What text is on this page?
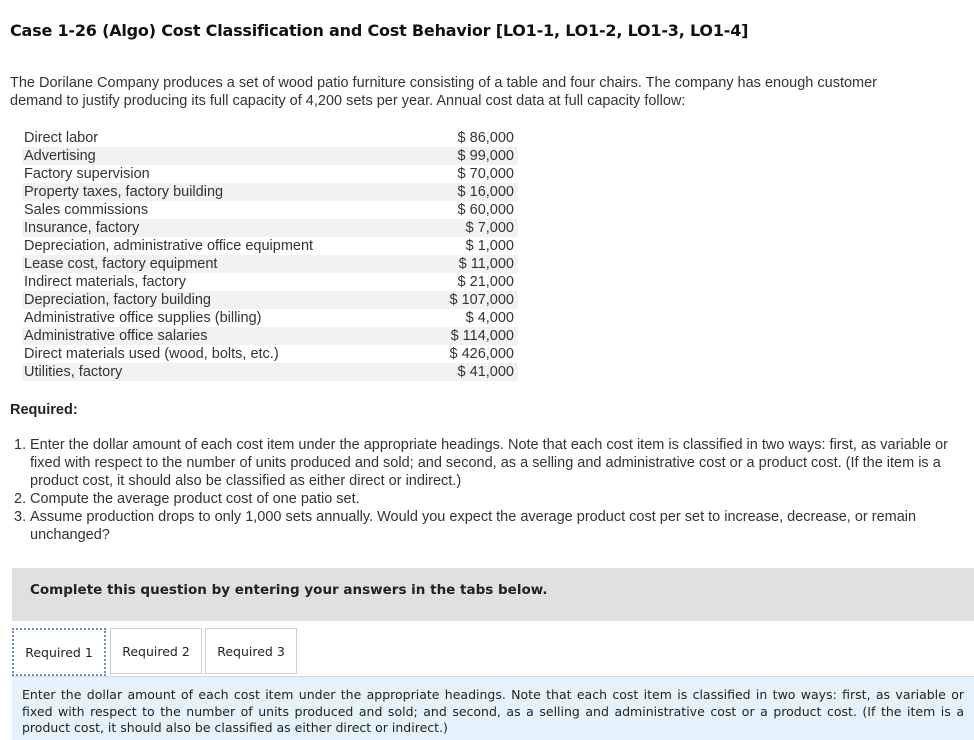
Case 1-26 (Algo) Cost Classification and Cost Behavior [LO1-1, LO1-2, LO1-3, LO1-4]
The Dorilane Company produces a set of wood patio furniture consisting of a table and four chairs. The company has enough customer demand to justify producing its full capacity of 4,200 sets per year. Annual cost data at full capacity follow:
Direct labor	$ 86,000
Advertising	$ 99,000
Factory supervision	$ 70,000
Property taxes, factory building	$ 16,000
Sales commissions	$ 60,000
Insurance, factory	$ 7,000
Depreciation, administrative office equipment	$ 1,000
Lease cost, factory equipment	$ 11,000
Indirect materials, factory	$ 21,000
Depreciation, factory building	$ 107,000
Administrative office supplies (billing)	$ 4,000
Administrative office salaries	$ 114,000
Direct materials used (wood, bolts, etc.)	$ 426,000
Utilities, factory	$ 41,000
Required:
1. Enter the dollar amount of each cost item under the appropriate headings. Note that each cost item is classified in two ways: first, as variable or fixed with respect to the number of units produced and sold; and second, as a selling and administrative cost or a product cost. (If the item is a product cost, it should also be classified as either direct or indirect.)
2. Compute the average product cost of one patio set.
3. Assume production drops to only 1,000 sets annually. Would you expect the average product cost per set to increase, decrease, or remain unchanged?
Complete this question by entering your answers in the tabs below.
Required 1	Required 2	Required 3
Enter the dollar amount of each cost item under the appropriate headings. Note that each cost item is classified in two ways: first, as variable or fixed with respect to the number of units produced and sold; and second, as a selling and administrative cost or a product cost. (If the item is a product cost, it should also be classified as either direct or indirect.)
